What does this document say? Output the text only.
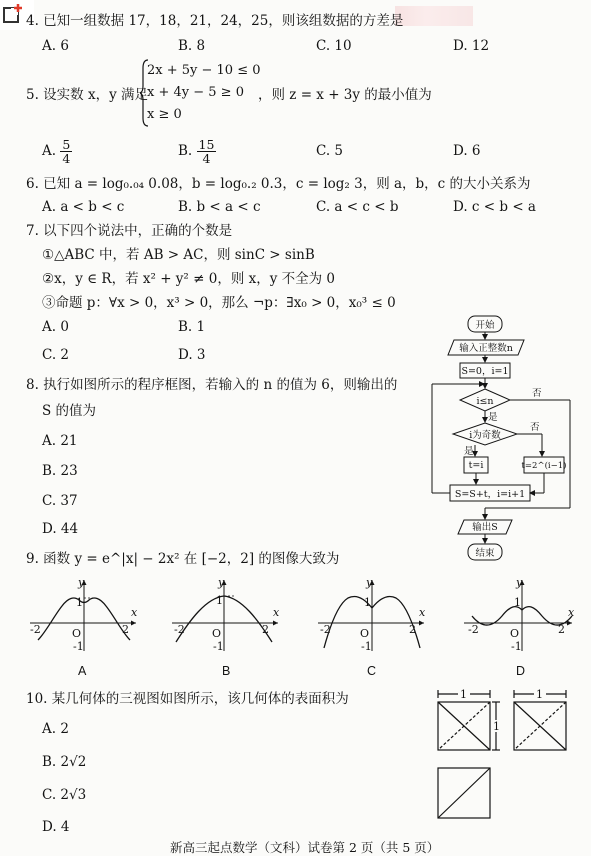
4. 已知一组数据 17，18，21，24，25，则该组数据的方差是
A. 6	B. 8	C. 10	D. 12
5. 设实数 x，y 满足
2x + 5y − 10 ≤ 0
x + 4y − 5 ≥ 0
x ≥ 0
，则 z = x + 3y 的最小值为
A. $\frac{5}{4}$	B. $\frac{15}{4}$	C. 5	D. 6
6. 已知 a = log₀.₀₄ 0.08，b = log₀.₂ 0.3，c = log₂ 3，则 a，b，c 的大小关系为
A. a < b < c	B. b < a < c	C. a < c < b	D. c < b < a
7. 以下四个说法中，正确的个数是
①△ABC 中，若 AB > AC，则 sinC > sinB
②x，y ∈ R，若 x² + y² ≠ 0，则 x，y 不全为 0
③命题 p：∀x > 0，x³ > 0，那么 ¬p：∃x₀ > 0，x₀³ ≤ 0
A. 0	B. 1
C. 2	D. 3
8. 执行如图所示的程序框图，若输入的 n 的值为 6，则输出的
S 的值为
A. 21
B. 23
C. 37
D. 44
开始
输入正整数n
S=0，i=1
i≤n
i为奇数
t=i	t=2^(i−1)
S=S+t，i=i+1
输出S
结束
是
否
是
否
9. 函数 y = e^|x| − 2x² 在 [−2，2] 的图像大致为
y
x
O
1
-1
2
-2
y
x
O
1
-1
2
-2
y
x
O
1
-1
2
-2
y
x
O
1
-1
2
-2
A	B	C	D
10. 某几何体的三视图如图所示，该几何体的表面积为
A. 2
B. 2√2
C. 2√3
D. 4
1	1
1
新高三起点数学（文科）试卷第 2 页（共 5 页）
